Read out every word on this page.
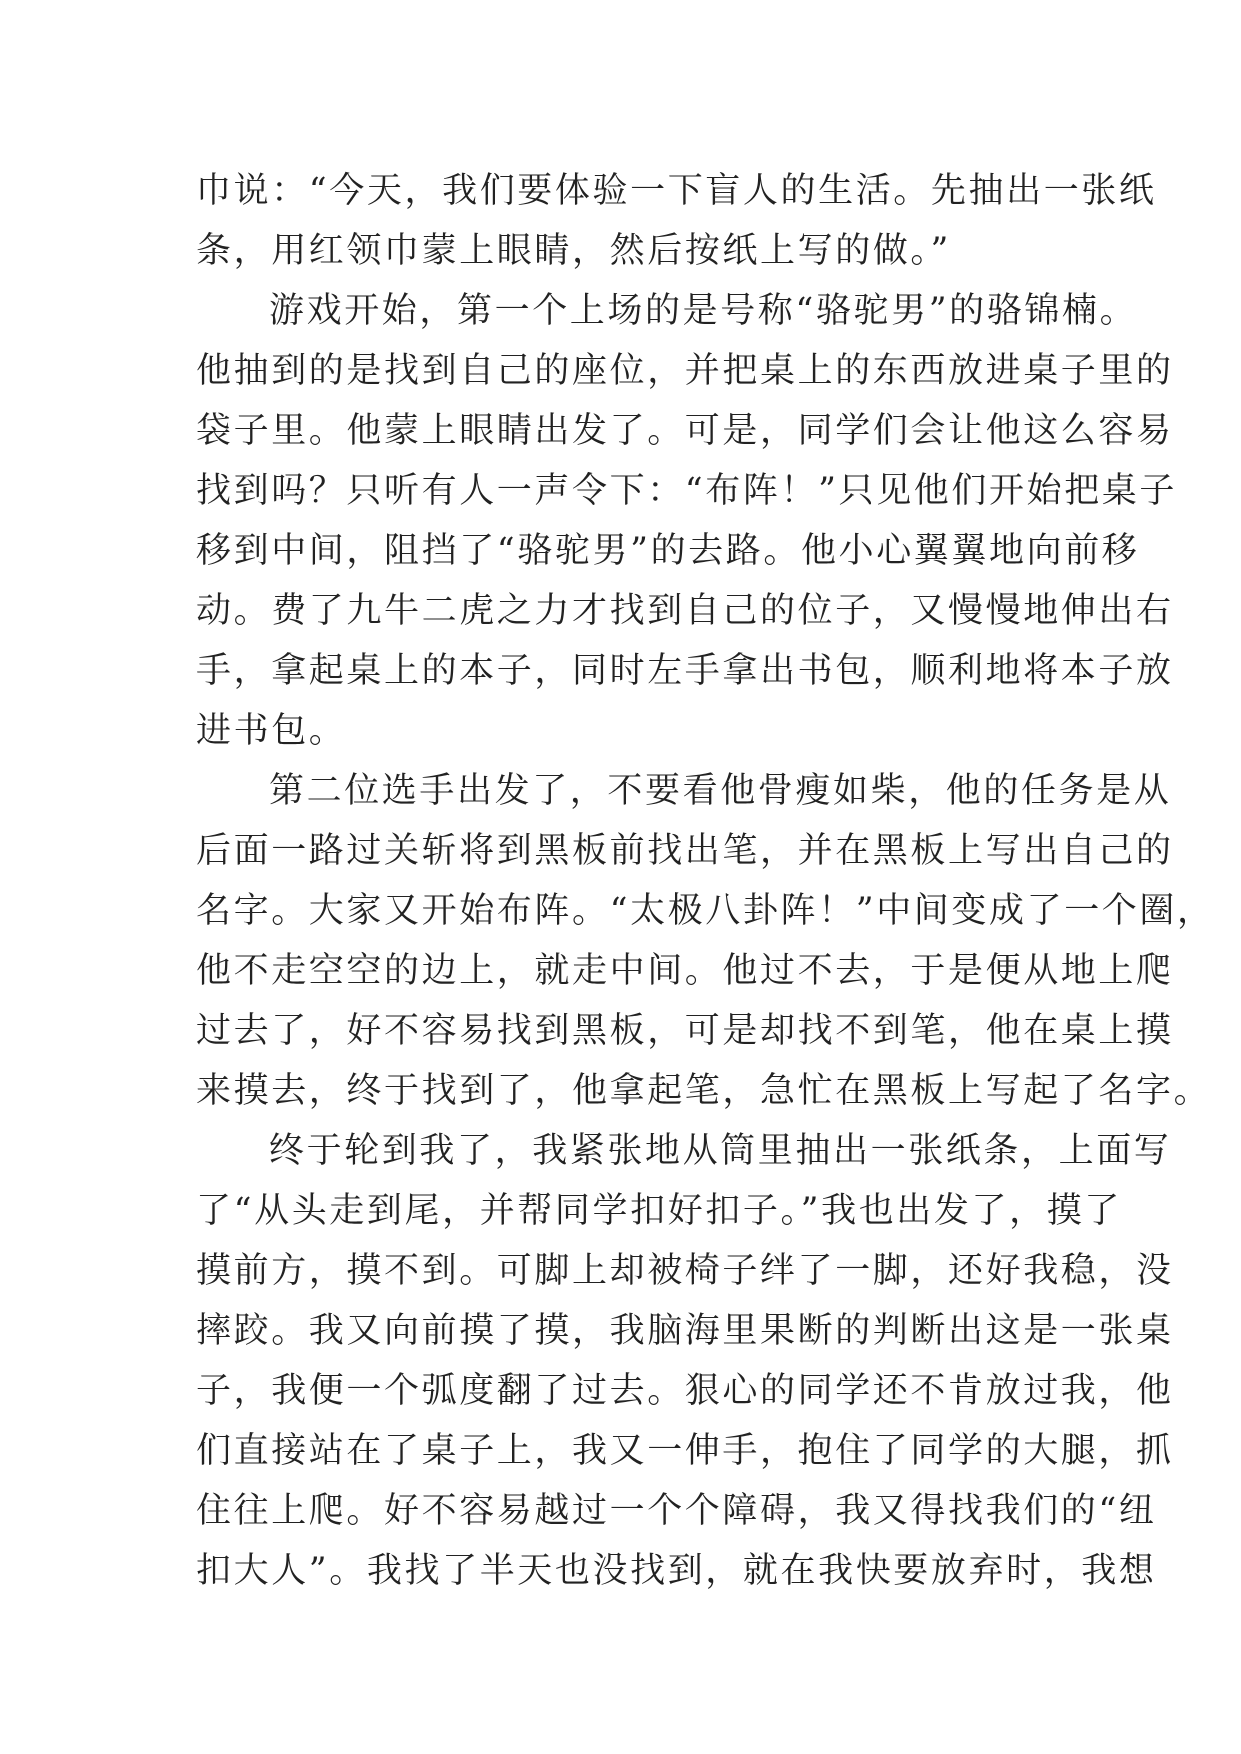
巾说：“今天，我们要体验一下盲人的生活。先抽出一张纸

条，用红领巾蒙上眼睛，然后按纸上写的做。”

游戏开始，第一个上场的是号称“骆驼男”的骆锦楠。

他抽到的是找到自己的座位，并把桌上的东西放进桌子里的

袋子里。他蒙上眼睛出发了。可是，同学们会让他这么容易

找到吗？只听有人一声令下：“布阵！”只见他们开始把桌子

移到中间，阻挡了“骆驼男”的去路。他小心翼翼地向前移

动。费了九牛二虎之力才找到自己的位子，又慢慢地伸出右

手，拿起桌上的本子，同时左手拿出书包，顺利地将本子放

进书包。

第二位选手出发了，不要看他骨瘦如柴，他的任务是从

后面一路过关斩将到黑板前找出笔，并在黑板上写出自己的

名字。大家又开始布阵。“太极八卦阵！”中间变成了一个圈，

他不走空空的边上，就走中间。他过不去，于是便从地上爬

过去了，好不容易找到黑板，可是却找不到笔，他在桌上摸

来摸去，终于找到了，他拿起笔，急忙在黑板上写起了名字。

终于轮到我了，我紧张地从筒里抽出一张纸条，上面写

了“从头走到尾，并帮同学扣好扣子。”我也出发了，摸了

摸前方，摸不到。可脚上却被椅子绊了一脚，还好我稳，没

摔跤。我又向前摸了摸，我脑海里果断的判断出这是一张桌

子，我便一个弧度翻了过去。狠心的同学还不肯放过我，他

们直接站在了桌子上，我又一伸手，抱住了同学的大腿，抓

住往上爬。好不容易越过一个个障碍，我又得找我们的“纽

扣大人”。我找了半天也没找到，就在我快要放弃时，我想
